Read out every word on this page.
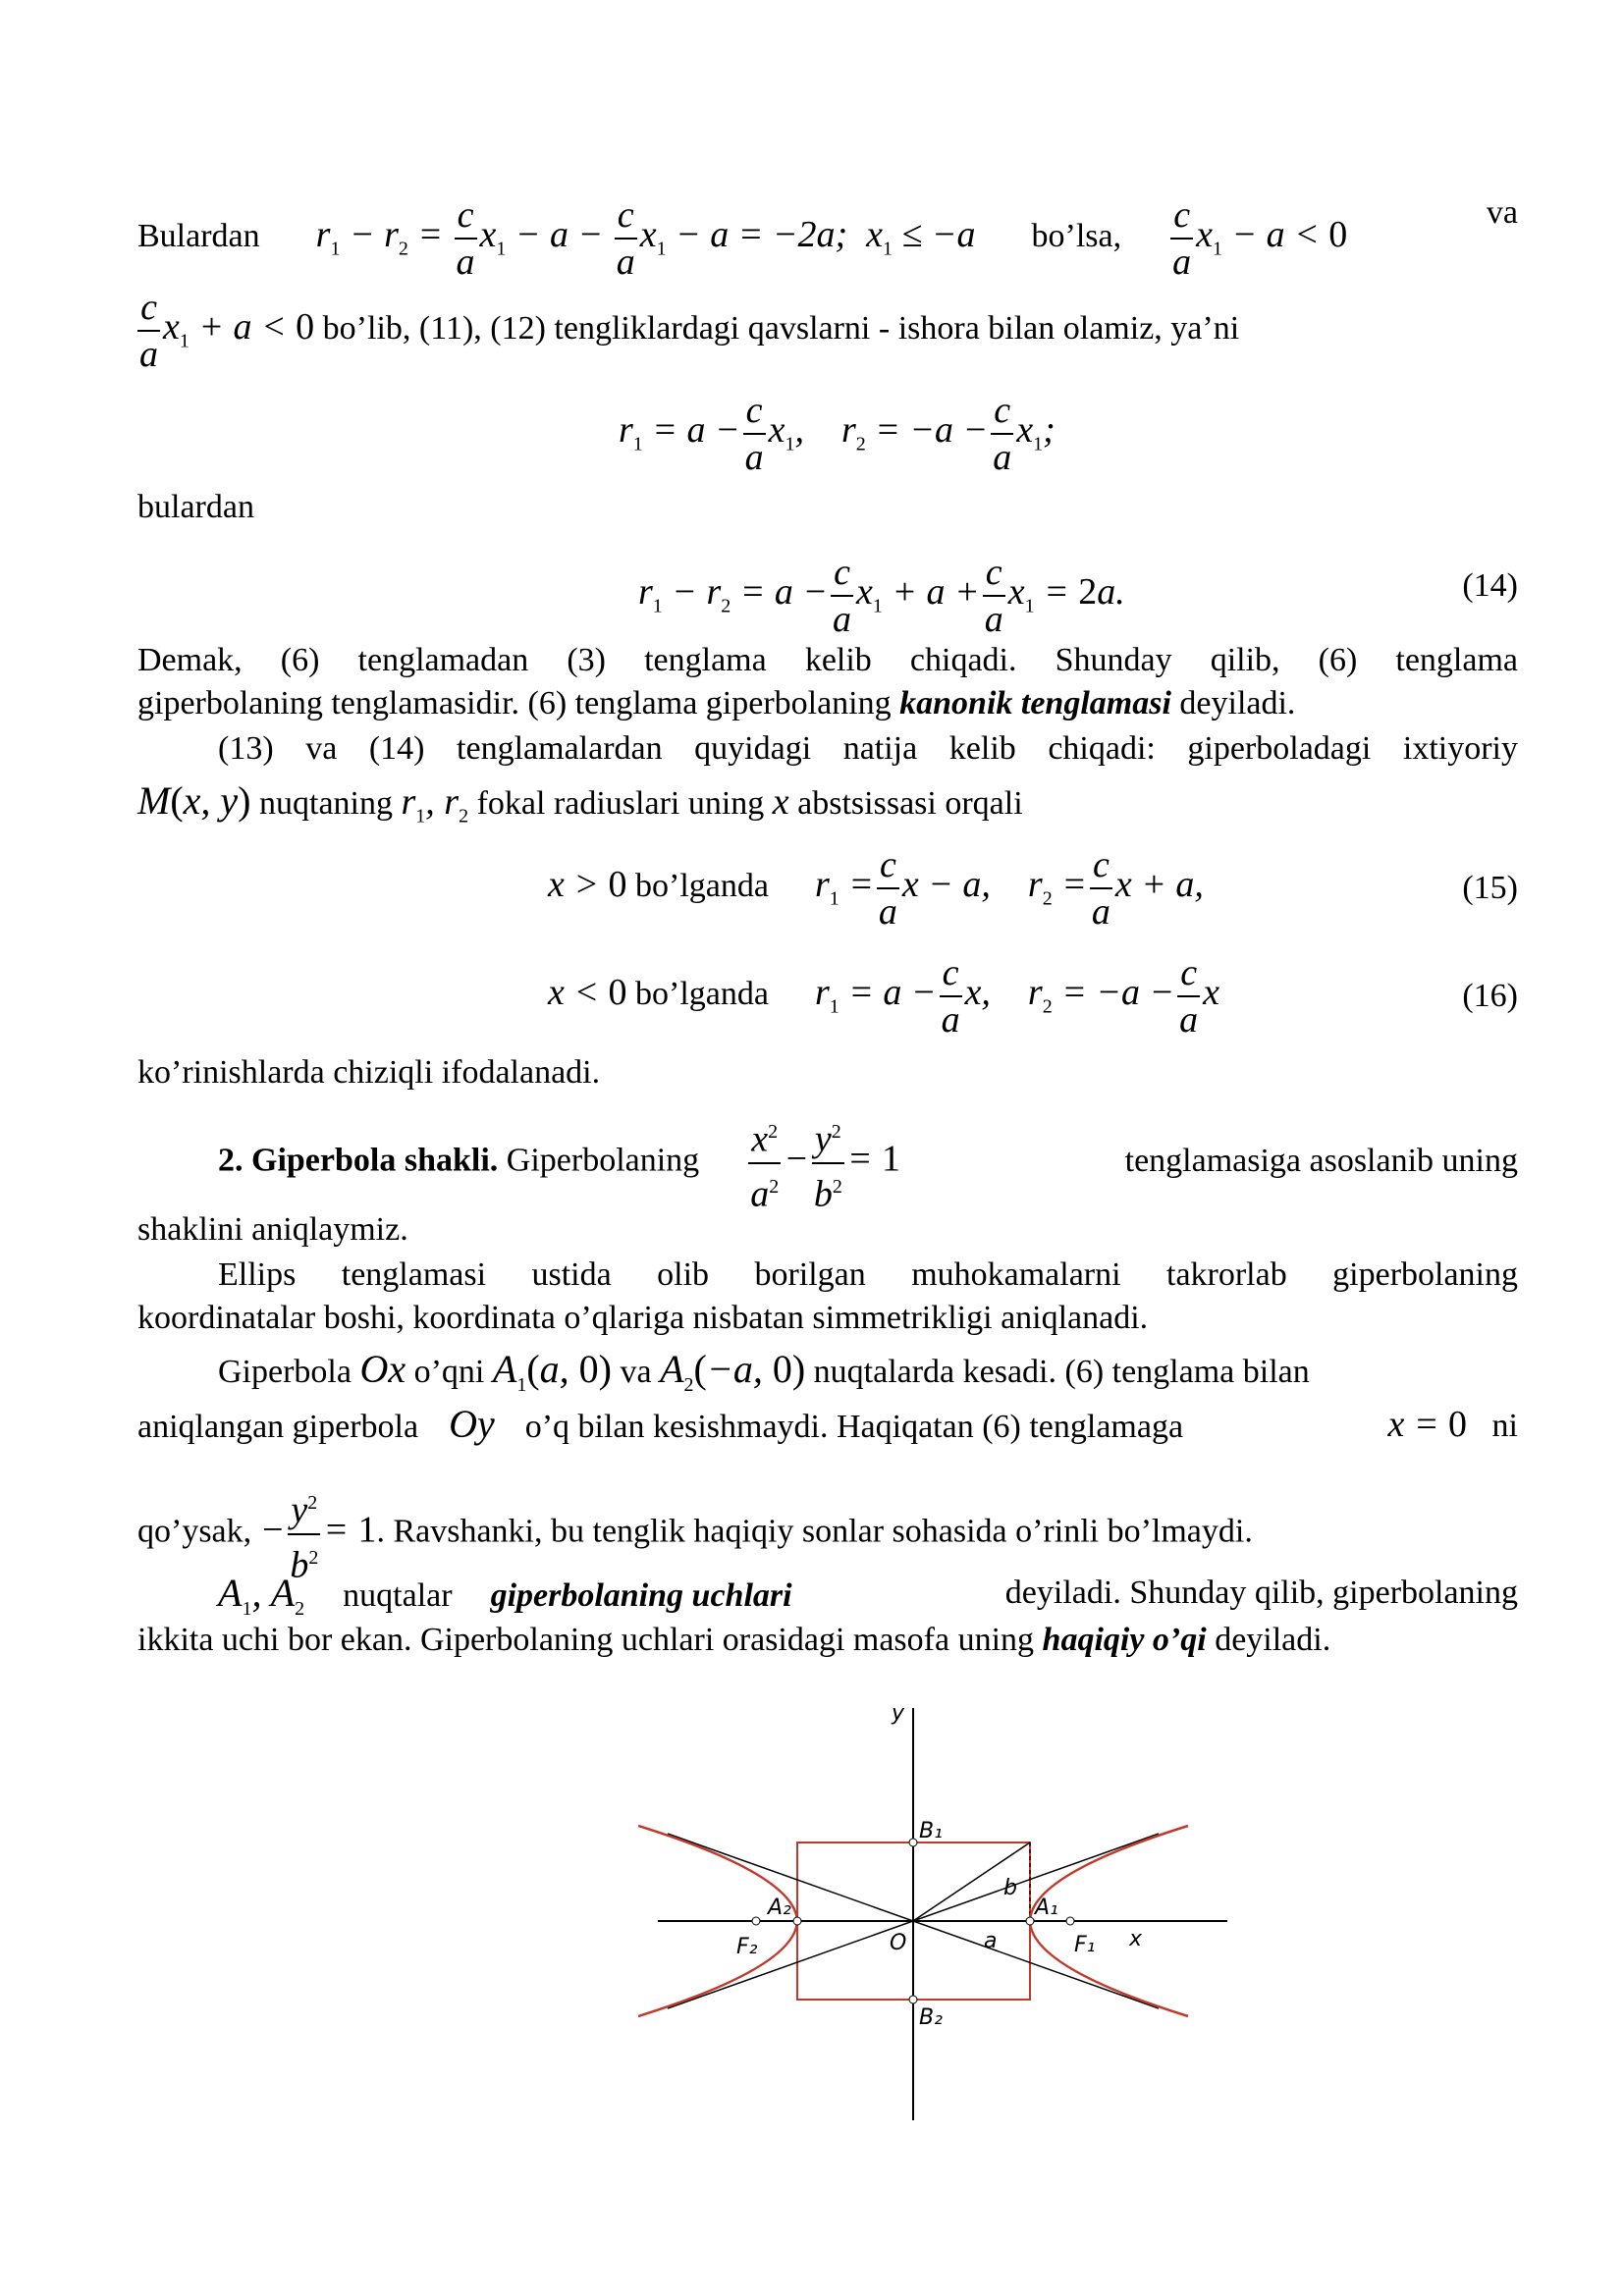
Bulardan $r_1 - r_2 = \frac{c}{a} x_1 - a - \frac{c}{a} x_1 - a = -2a$;  $x_1 \le -a$ bo’lsa, $\frac{c}{a} x_1 - a < 0$
va
$\frac{c}{a} x_1 + a < 0$ bo’lib, (11), (12) tengliklardagi qavslarni - ishora bilan olamiz, ya’ni
$r_1 = a - \frac{c}{a} x_1$,    $r_2 = -a - \frac{c}{a} x_1$;
bulardan
$r_1 - r_2 = a - \frac{c}{a} x_1 + a + \frac{c}{a} x_1 = 2a$.	(14)
Demak, (6) tenglamadan (3) tenglama kelib chiqadi. Shunday qilib, (6) tenglama
giperbolaning tenglamasidir. (6) tenglama giperbolaning kanonik tenglamasi deyiladi.
(13) va (14) tenglamalardan quyidagi natija kelib chiqadi: giperboladagi ixtiyoriy
M(x, y) nuqtaning $r_1$, $r_2$ fokal radiuslari uning x abstsissasi orqali
x > 0 bo’lganda $r_1 = \frac{c}{a}$ x − a,    $r_2 = \frac{c}{a}$ x + a,	(15)
x < 0 bo’lganda $r_1 = a - \frac{c}{a} x$,    $r_2 = -a - \frac{c}{a}$ x	(16)
ko’rinishlarda chiziqli ifodalanadi.
2. Giperbola shakli. Giperbolaning $\frac{x^2}{a^2} - \frac{y^2}{b^2} = 1$	tenglamasiga asoslanib uning
shaklini aniqlaymiz.
Ellips tenglamasi ustida olib borilgan muhokamalarni takrorlab giperbolaning
koordinatalar boshi, koordinata o’qlariga nisbatan simmetrikligi aniqlanadi.
Giperbola Ox o’qni $A_1(a$, 0) va $A_2(-a$, 0) nuqtalarda kesadi. (6) tenglama bilan
aniqlangan giperbola Oy o’q bilan kesishmaydi. Haqiqatan (6) tenglamaga	x = 0 ni
qo’ysak, − $\frac{y^2}{b^2} = 1$. Ravshanki, bu tenglik haqiqiy sonlar sohasida o’rinli bo’lmaydi.
$A_1$, $A_2$ nuqtalar giperbolaning uchlari	deyiladi. Shunday qilib, giperbolaning
ikkita uchi bor ekan. Giperbolaning uchlari orasidagi masofa uning haqiqiy o’qi deyiladi.
y
x
O
A₁
A₂
B₁
B₂
F₁
F₂	a
b
